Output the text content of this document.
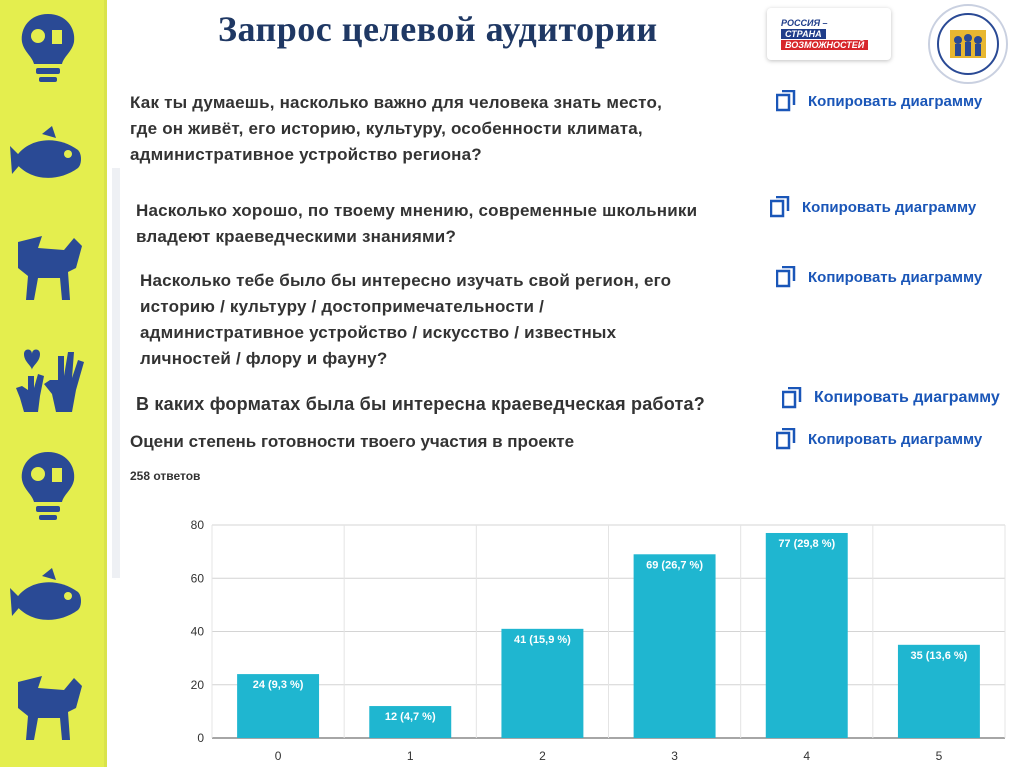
Запрос целевой аудитории	РОССИЯ –
СТРАНА
ВОЗМОЖНОСТЕЙ
Как ты думаешь, насколько важно для человека знать место,
где он живёт, его историю, культуру, особенности климата,
административное устройство региона?
Копировать диаграмму
Насколько хорошо, по твоему мнению, современные школьники
владеют краеведческими знаниями?
Копировать диаграмму
Насколько тебе было бы интересно изучать свой регион, его
историю / культуру / достопримечательности /
административное устройство / искусство / известных
личностей / флору и фауну?
Копировать диаграмму
В каких форматах была бы интересна краеведческая работа?	Копировать диаграмму
Оцени степень готовности твоего участия в проекте	Копировать диаграмму
258 ответов
0
20
40
60
80
24 (9,3 %)
0
12 (4,7 %)
1
41 (15,9 %)
2
69 (26,7 %)
3
77 (29,8 %)
4
35 (13,6 %)
5
